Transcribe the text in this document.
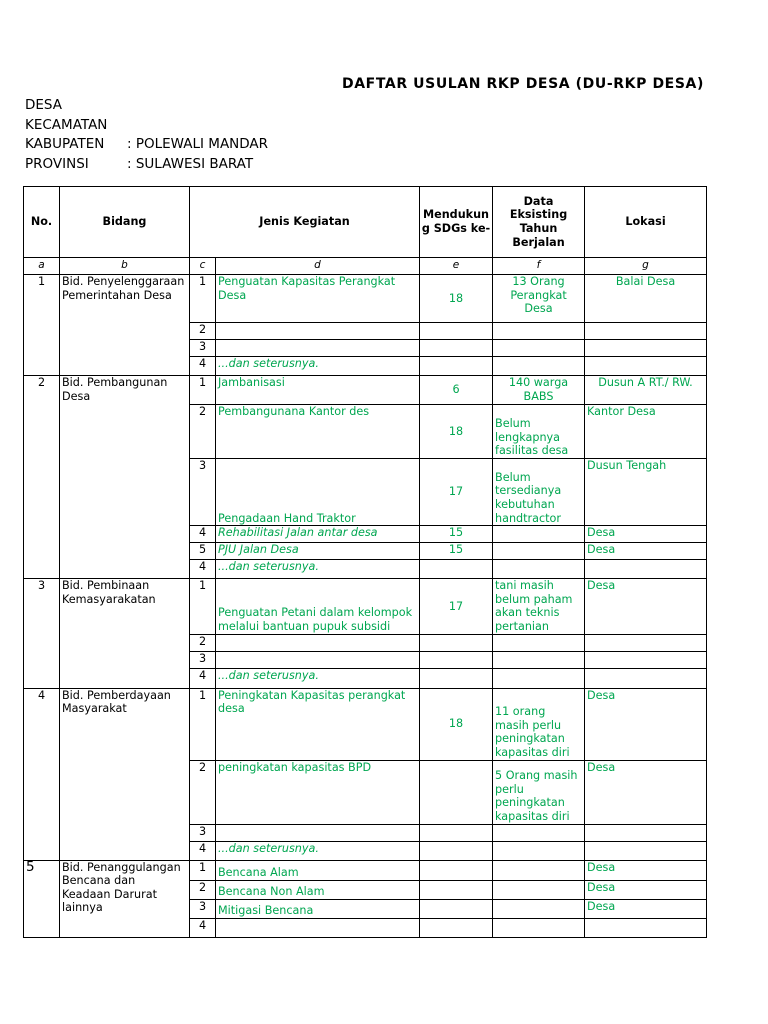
DAFTAR USULAN RKP DESA (DU-RKP DESA)
DESA
KECAMATAN
KABUPATEN : POLEWALI MANDAR
PROVINSI	: SULAWESI BARAT
No.	Bidang	Jenis Kegiatan		Mendukun g SDGs ke-	Data Eksisting Tahun Berjalan	Lokasi
a	b	c	d	e	f	g
1	Bid. Penyelenggaraan Pemerintahan Desa	1	Penguatan Kapasitas Perangkat Desa	18	13 Orang Perangkat Desa	Balai Desa
		2				
		3				
		4	...dan seterusnya.			
2	Bid. Pembangunan Desa	1	Jambanisasi	6	140 warga BABS	Dusun A RT./ RW.
		2	Pembangunana Kantor des	18	Belum lengkapnya fasilitas desa	Kantor Desa
		3	Pengadaan Hand Traktor	17	Belum tersedianya kebutuhan handtractor	Dusun Tengah
		4	Rehabilitasi Jalan antar desa	15		Desa
		5	PJU Jalan Desa	15		Desa
		4	...dan seterusnya.			
3	Bid. Pembinaan Kemasyarakatan	1	Penguatan Petani dalam kelompok melalui bantuan pupuk subsidi	17	tani masih belum paham akan teknis pertanian	Desa
		2				
		3				
		4	...dan seterusnya.			
4	Bid. Pemberdayaan Masyarakat	1	Peningkatan Kapasitas perangkat desa	18	11 orang masih perlu peningkatan kapasitas diri	Desa
		2	peningkatan kapasitas BPD		5 Orang masih perlu peningkatan kapasitas diri	Desa
		3				
		4	...dan seterusnya.			
5	Bid. Penanggulangan Bencana dan Keadaan Darurat lainnya	1	Bencana Alam			Desa
		2	Bencana Non Alam			Desa
		3	Mitigasi Bencana			Desa
		4				
